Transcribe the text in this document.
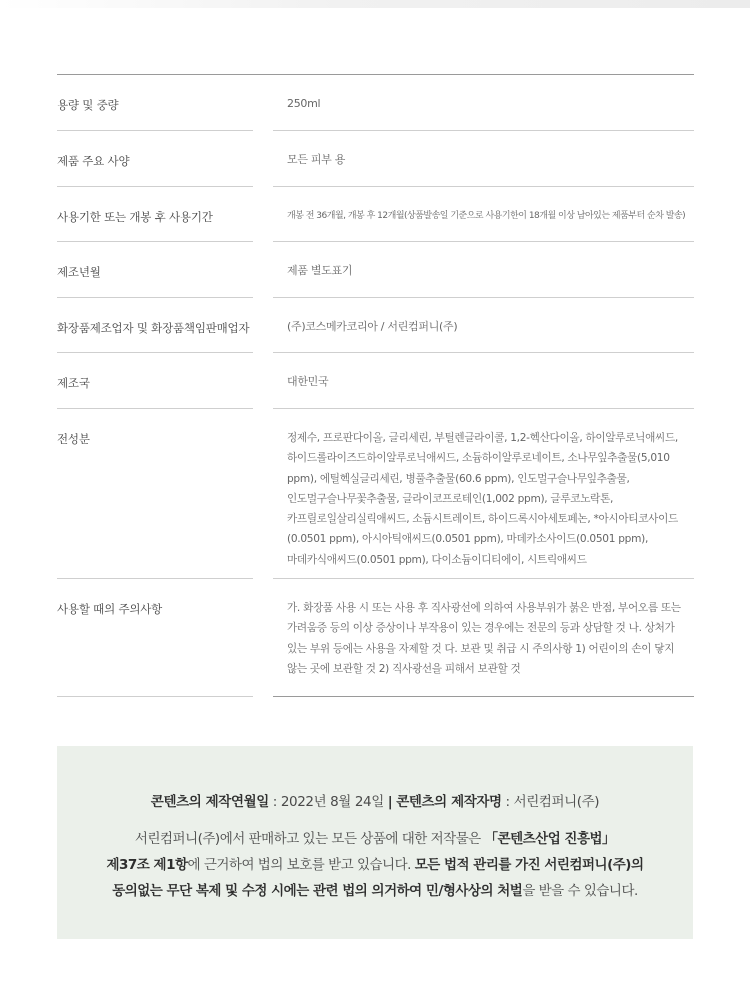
용량 및 중량	250ml
제품 주요 사양	모든 피부 용
사용기한 또는 개봉 후 사용기간	개봉 전 36개월, 개봉 후 12개월(상품발송일 기준으로 사용기한이 18개월 이상 남아있는 제품부터 순차 발송)
제조년월	제품 별도표기
화장품제조업자 및 화장품책임판매업자	(주)코스메카코리아 / 서린컴퍼니(주)
제조국	대한민국
전성분	정제수, 프로판다이올, 글리세린, 부틸렌글라이콜, 1,2-헥산다이올, 하이알루로닉애씨드, 하이드롤라이즈드하이알루로닉애씨드, 소듐하이알루로네이트, 소나무잎추출물(5,010 ppm), 에틸헥실글리세린, 병풀추출물(60.6 ppm), 인도멀구슬나무잎추출물, 인도멀구슬나무꽃추출물, 글라이코프로테인(1,002 ppm), 글루코노락톤, 카프릴로일살리실릭애씨드, 소듐시트레이트, 하이드록시아세토페논, *아시아티코사이드(0.0501 ppm), 아시아틱애씨드(0.0501 ppm), 마데카소사이드(0.0501 ppm), 마데카식애씨드(0.0501 ppm), 다이소듐이디티에이, 시트릭애씨드
사용할 때의 주의사항	가. 화장품 사용 시 또는 사용 후 직사광선에 의하여 사용부위가 붉은 반점, 부어오름 또는 가려움증 등의 이상 증상이나 부작용이 있는 경우에는 전문의 등과 상담할 것 나. 상처가 있는 부위 등에는 사용을 자제할 것 다. 보관 및 취급 시 주의사항 1) 어린이의 손이 닿지 않는 곳에 보관할 것 2) 직사광선을 피해서 보관할 것
콘텐츠의 제작연월일 : 2022년 8월 24일 | 콘텐츠의 제작자명 : 서린컴퍼니(주)
서린컴퍼니(주)에서 판매하고 있는 모든 상품에 대한 저작물은 「콘텐츠산업 진흥법」
제37조 제1항에 근거하여 법의 보호를 받고 있습니다. 모든 법적 관리를 가진 서린컴퍼니(주)의
동의없는 무단 복제 및 수정 시에는 관련 법의 의거하여 민/형사상의 처벌을 받을 수 있습니다.
